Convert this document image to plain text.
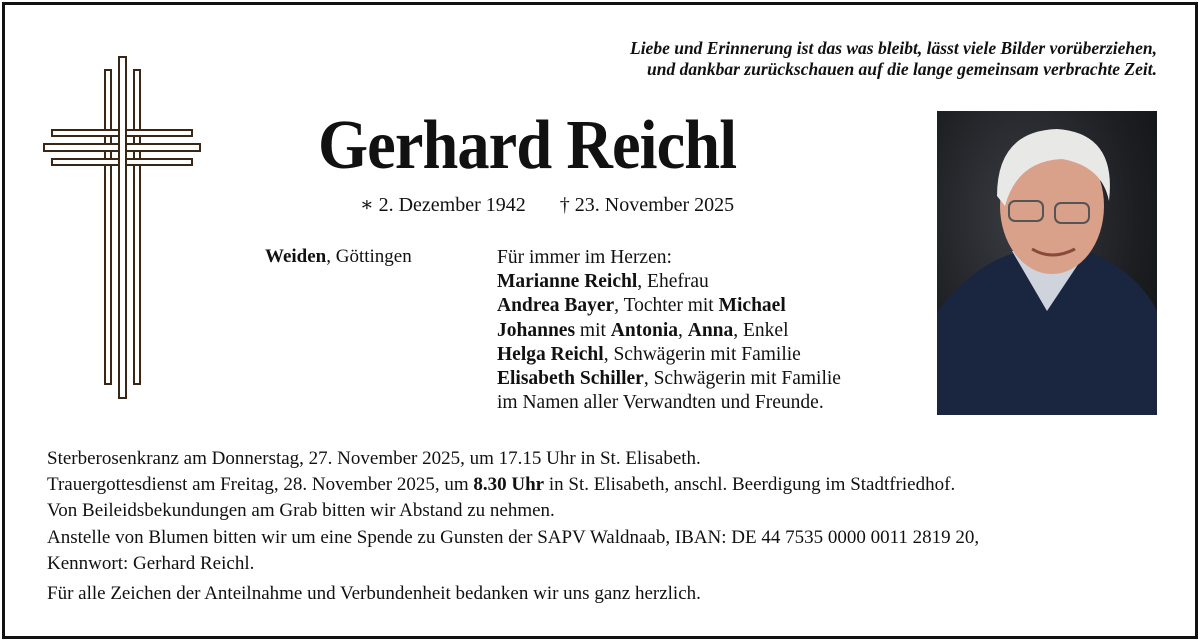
Liebe und Erinnerung ist das was bleibt, lässt viele Bilder vorüberziehen,
und dankbar zurückschauen auf die lange gemeinsam verbrachte Zeit.
Gerhard Reichl
∗ 2. Dezember 1942 † 23. November 2025
Weiden, Göttingen	Für immer im Herzen:
Marianne Reichl, Ehefrau
Andrea Bayer, Tochter mit Michael
Johannes mit Antonia, Anna, Enkel
Helga Reichl, Schwägerin mit Familie
Elisabeth Schiller, Schwägerin mit Familie
im Namen aller Verwandten und Freunde.
Sterberosenkranz am Donnerstag, 27. November 2025, um 17.15 Uhr in St. Elisabeth.
Trauergottesdienst am Freitag, 28. November 2025, um 8.30 Uhr in St. Elisabeth, anschl. Beerdigung im Stadtfriedhof.
Von Beileidsbekundungen am Grab bitten wir Abstand zu nehmen.
Anstelle von Blumen bitten wir um eine Spende zu Gunsten der SAPV Waldnaab, IBAN: DE 44 7535 0000 0011 2819 20,
Kennwort: Gerhard Reichl.
Für alle Zeichen der Anteilnahme und Verbundenheit bedanken wir uns ganz herzlich.
